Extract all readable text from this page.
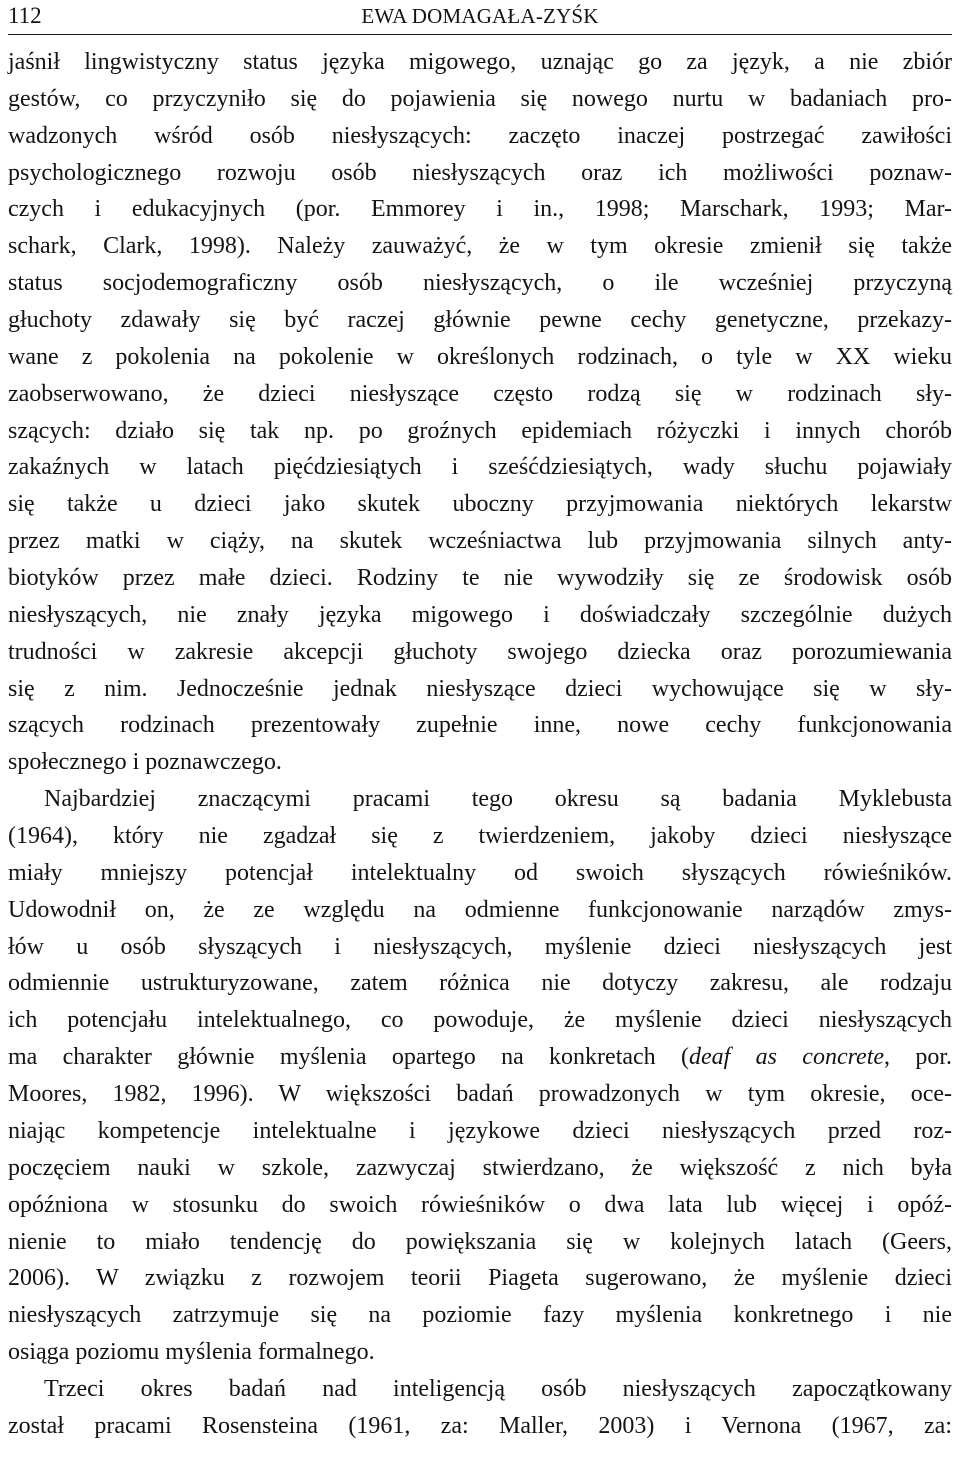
112	EWA DOMAGAŁA-ZYŚK
jaśnił lingwistyczny status języka migowego, uznając go za język, a nie zbiór
gestów, co przyczyniło się do pojawienia się nowego nurtu w badaniach pro-
wadzonych wśród osób niesłyszących: zaczęto inaczej postrzegać zawiłości
psychologicznego rozwoju osób niesłyszących oraz ich możliwości poznaw-
czych i edukacyjnych (por. Emmorey i in., 1998; Marschark, 1993; Mar-
schark, Clark, 1998). Należy zauważyć, że w tym okresie zmienił się także
status socjodemograficzny osób niesłyszących, o ile wcześniej przyczyną
głuchoty zdawały się być raczej głównie pewne cechy genetyczne, przekazy-
wane z pokolenia na pokolenie w określonych rodzinach, o tyle w XX wieku
zaobserwowano, że dzieci niesłyszące często rodzą się w rodzinach sły-
szących: działo się tak np. po groźnych epidemiach różyczki i innych chorób
zakaźnych w latach pięćdziesiątych i sześćdziesiątych, wady słuchu pojawiały
się także u dzieci jako skutek uboczny przyjmowania niektórych lekarstw
przez matki w ciąży, na skutek wcześniactwa lub przyjmowania silnych anty-
biotyków przez małe dzieci. Rodziny te nie wywodziły się ze środowisk osób
niesłyszących, nie znały języka migowego i doświadczały szczególnie dużych
trudności w zakresie akcepcji głuchoty swojego dziecka oraz porozumiewania
się z nim. Jednocześnie jednak niesłyszące dzieci wychowujące się w sły-
szących rodzinach prezentowały zupełnie inne, nowe cechy funkcjonowania
społecznego i poznawczego.
Najbardziej znaczącymi pracami tego okresu są badania Myklebusta
(1964), który nie zgadzał się z twierdzeniem, jakoby dzieci niesłyszące
miały mniejszy potencjał intelektualny od swoich słyszących rówieśników.
Udowodnił on, że ze względu na odmienne funkcjonowanie narządów zmys-
łów u osób słyszących i niesłyszących, myślenie dzieci niesłyszących jest
odmiennie ustrukturyzowane, zatem różnica nie dotyczy zakresu, ale rodzaju
ich potencjału intelektualnego, co powoduje, że myślenie dzieci niesłyszących
ma charakter głównie myślenia opartego na konkretach (deaf as concrete, por.
Moores, 1982, 1996). W większości badań prowadzonych w tym okresie, oce-
niając kompetencje intelektualne i językowe dzieci niesłyszących przed roz-
poczęciem nauki w szkole, zazwyczaj stwierdzano, że większość z nich była
opóźniona w stosunku do swoich rówieśników o dwa lata lub więcej i opóź-
nienie to miało tendencję do powiększania się w kolejnych latach (Geers,
2006). W związku z rozwojem teorii Piageta sugerowano, że myślenie dzieci
niesłyszących zatrzymuje się na poziomie fazy myślenia konkretnego i nie
osiąga poziomu myślenia formalnego.
Trzeci okres badań nad inteligencją osób niesłyszących zapoczątkowany
został pracami Rosensteina (1961, za: Maller, 2003) i Vernona (1967, za:
